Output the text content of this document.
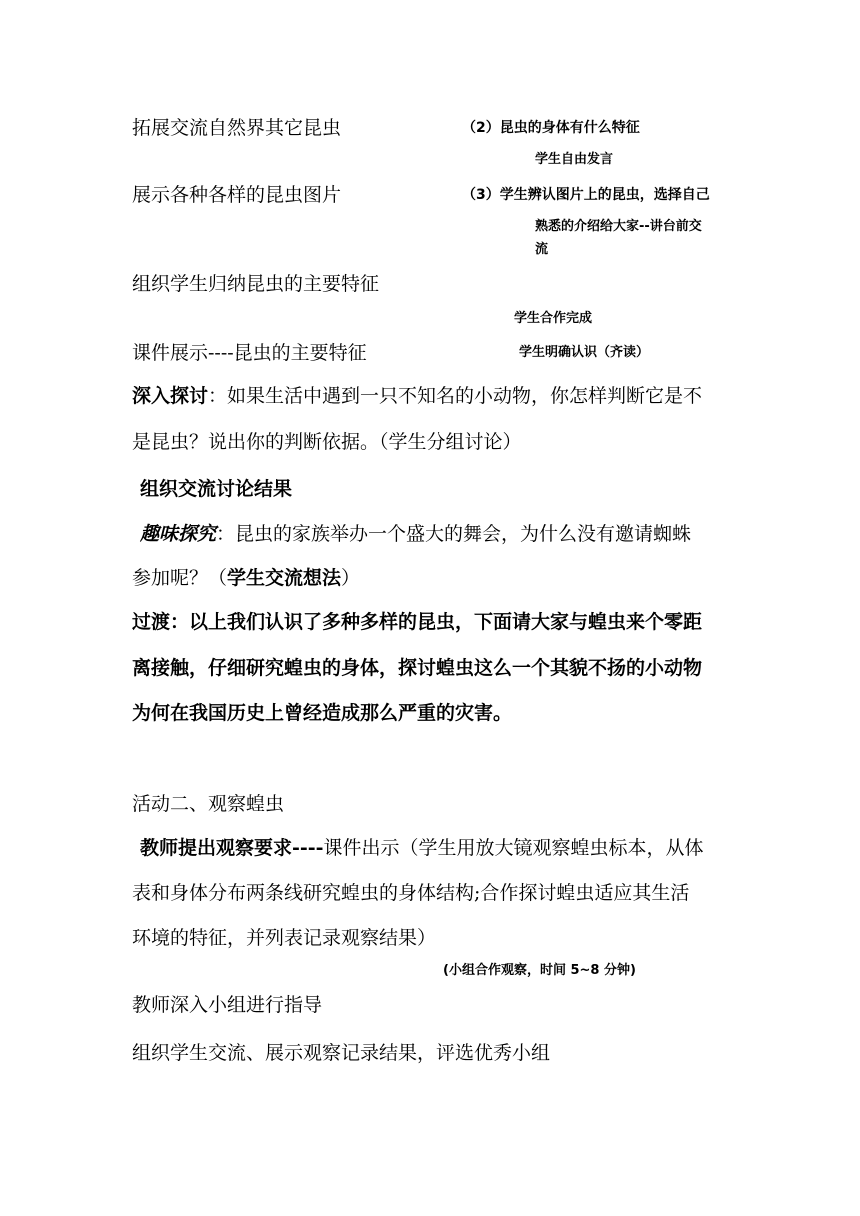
拓展交流自然界其它昆虫
展示各种各样的昆虫图片
组织学生归纳昆虫的主要特征
课件展示----昆虫的主要特征
（2）昆虫的身体有什么特征
学生自由发言
（3）学生辨认图片上的昆虫，选择自己
熟悉的介绍给大家--讲台前交
流
学生合作完成
学生明确认识（齐读）
深入探讨：如果生活中遇到一只不知名的小动物，你怎样判断它是不
是昆虫？说出你的判断依据。（学生分组讨论）
组织交流讨论结果
趣味探究：昆虫的家族举办一个盛大的舞会，为什么没有邀请蜘蛛
参加呢？（学生交流想法）
过渡：以上我们认识了多种多样的昆虫，下面请大家与蝗虫来个零距
离接触，仔细研究蝗虫的身体，探讨蝗虫这么一个其貌不扬的小动物
为何在我国历史上曾经造成那么严重的灾害。
活动二、观察蝗虫
教师提出观察要求----课件出示（学生用放大镜观察蝗虫标本，从体
表和身体分布两条线研究蝗虫的身体结构;合作探讨蝗虫适应其生活
环境的特征，并列表记录观察结果）
(小组合作观察，时间 5~8 分钟)
教师深入小组进行指导
组织学生交流、展示观察记录结果，评选优秀小组
